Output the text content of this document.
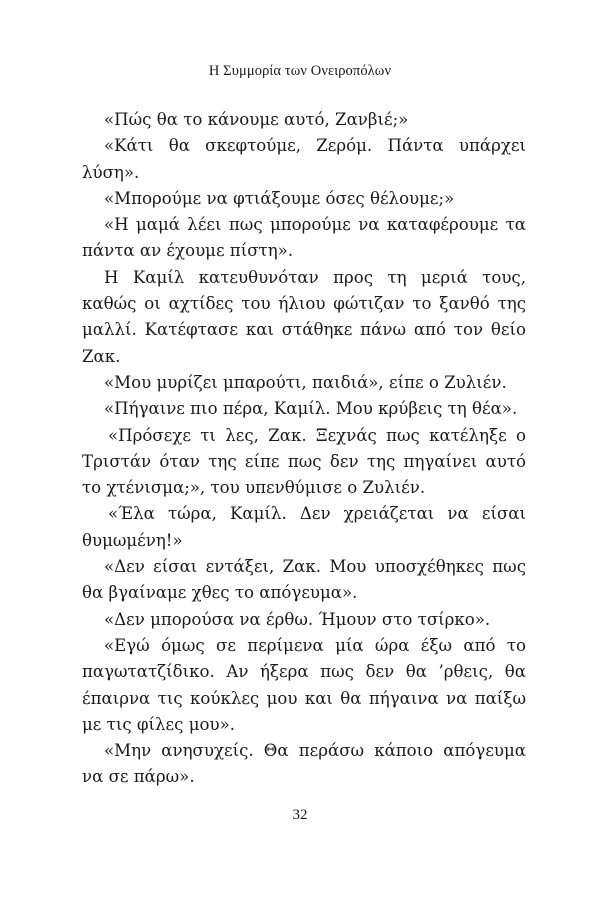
Η Συμμορία των Ονειροπόλων

«Πώς θα το κάνουμε αυτό, Ζανβιέ;»

«Κάτι θα σκεφτούμε, Ζερόμ. Πάντα υπάρχει λύση».

«Μπορούμε να φτιάξουμε όσες θέλουμε;»

«Η μαμά λέει πως μπορούμε να καταφέρουμε τα πάντα αν έχουμε πίστη».

Η Καμίλ κατευθυνόταν προς τη μεριά τους, καθώς οι αχτίδες του ήλιου φώτιζαν το ξανθό της μαλλί. Κατέφτασε και στάθηκε πάνω από τον θείο Ζακ.

«Μου μυρίζει μπαρούτι, παιδιά», είπε ο Ζυλιέν.

«Πήγαινε πιο πέρα, Καμίλ. Μου κρύβεις τη θέα».

«Πρόσεχε τι λες, Ζακ. Ξεχνάς πως κατέληξε ο Τριστάν όταν της είπε πως δεν της πηγαίνει αυτό το χτένισμα;», του υπενθύμισε ο Ζυλιέν.

«Έλα τώρα, Καμίλ. Δεν χρειάζεται να είσαι θυμωμένη!»

«Δεν είσαι εντάξει, Ζακ. Μου υποσχέθηκες πως θα βγαίναμε χθες το απόγευμα».

«Δεν μπορούσα να έρθω. Ήμουν στο τσίρκο».

«Εγώ όμως σε περίμενα μία ώρα έξω από το παγωτατζίδικο. Αν ήξερα πως δεν θα ’ρθεις, θα έπαιρνα τις κούκλες μου και θα πήγαινα να παίξω με τις φίλες μου».

«Μην ανησυχείς. Θα περάσω κάποιο απόγευμα να σε πάρω».

32
